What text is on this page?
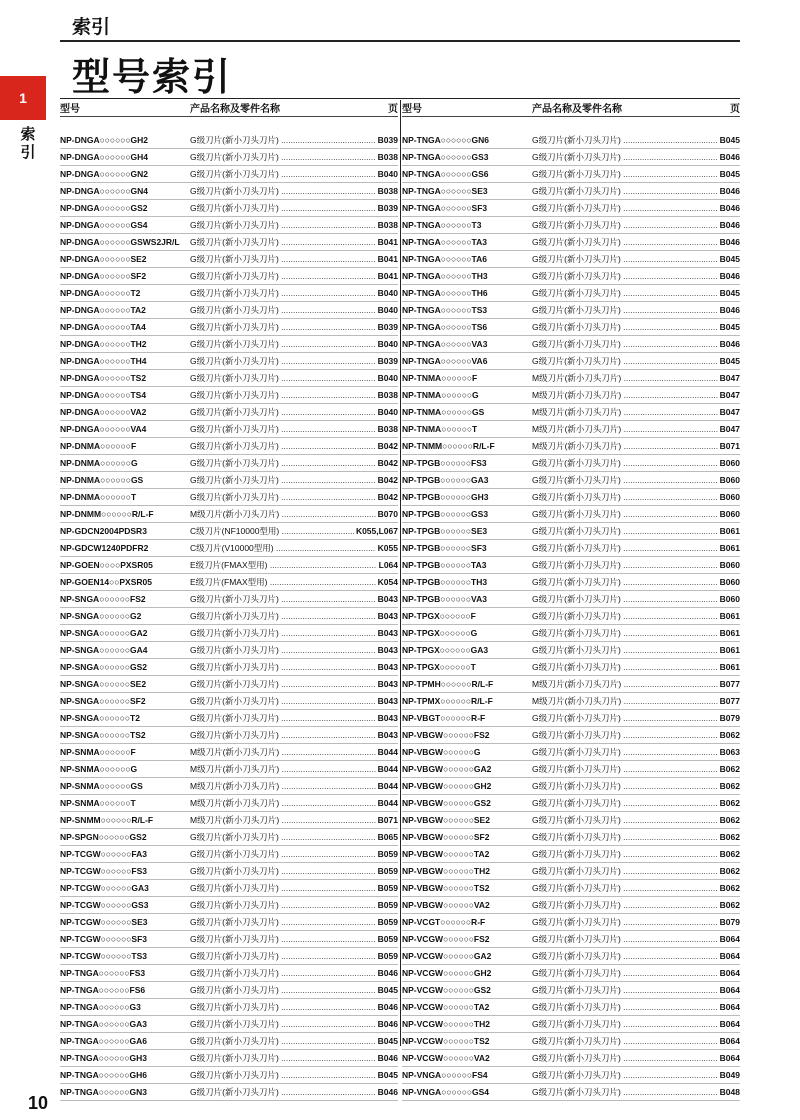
索引
型号索引
1
索引
型号	产品名称及零件名称	页
NP-DNGA○○○○○○GH2	G级刀片(新小刀头刀片) .....	B039
NP-DNGA○○○○○○GH4	G级刀片(新小刀头刀片) .....	B038
NP-DNGA○○○○○○GN2	G级刀片(新小刀头刀片) .....	B040
NP-DNGA○○○○○○GN4	G级刀片(新小刀头刀片) .....	B038
NP-DNGA○○○○○○GS2	G级刀片(新小刀头刀片) .....	B039
NP-DNGA○○○○○○GS4	G级刀片(新小刀头刀片) .....	B038
NP-DNGA○○○○○○GSWS2JR/L	G级刀片(新小刀头刀片) .....	B041
NP-DNGA○○○○○○SE2	G级刀片(新小刀头刀片) .....	B041
NP-DNGA○○○○○○SF2	G级刀片(新小刀头刀片) .....	B041
NP-DNGA○○○○○○T2	G级刀片(新小刀头刀片) .....	B040
NP-DNGA○○○○○○TA2	G级刀片(新小刀头刀片) .....	B040
NP-DNGA○○○○○○TA4	G级刀片(新小刀头刀片) .....	B039
NP-DNGA○○○○○○TH2	G级刀片(新小刀头刀片) .....	B040
NP-DNGA○○○○○○TH4	G级刀片(新小刀头刀片) .....	B039
NP-DNGA○○○○○○TS2	G级刀片(新小刀头刀片) .....	B040
NP-DNGA○○○○○○TS4	G级刀片(新小刀头刀片) .....	B038
NP-DNGA○○○○○○VA2	G级刀片(新小刀头刀片) .....	B040
NP-DNGA○○○○○○VA4	G级刀片(新小刀头刀片) .....	B038
NP-DNMA○○○○○○F	G级刀片(新小刀头刀片) .....	B042
NP-DNMA○○○○○○G	G级刀片(新小刀头刀片) .....	B042
NP-DNMA○○○○○○GS	G级刀片(新小刀头刀片) .....	B042
NP-DNMA○○○○○○T	G级刀片(新小刀头刀片) .....	B042
NP-DNMM○○○○○○R/L-F	M级刀片(新小刀头刀片) .....	B070
NP-GDCN2004PDSR3	C级刀片(NF10000型用) .....	K055,L067
NP-GDCW1240PDFR2	C级刀片(V10000型用) .....	K055
NP-GOEN○○○○PXSR05	E级刀片(FMAX型用) .....	L064
NP-GOEN14○○PXSR05	E级刀片(FMAX型用) .....	K054
NP-SNGA○○○○○○FS2	G级刀片(新小刀头刀片) .....	B043
NP-SNGA○○○○○○G2	G级刀片(新小刀头刀片) .....	B043
NP-SNGA○○○○○○GA2	G级刀片(新小刀头刀片) .....	B043
NP-SNGA○○○○○○GA4	G级刀片(新小刀头刀片) .....	B043
NP-SNGA○○○○○○GS2	G级刀片(新小刀头刀片) .....	B043
NP-SNGA○○○○○○SE2	G级刀片(新小刀头刀片) .....	B043
NP-SNGA○○○○○○SF2	G级刀片(新小刀头刀片) .....	B043
NP-SNGA○○○○○○T2	G级刀片(新小刀头刀片) .....	B043
NP-SNGA○○○○○○TS2	G级刀片(新小刀头刀片) .....	B043
NP-SNMA○○○○○○F	M级刀片(新小刀头刀片) .....	B044
NP-SNMA○○○○○○G	M级刀片(新小刀头刀片) .....	B044
NP-SNMA○○○○○○GS	M级刀片(新小刀头刀片) .....	B044
NP-SNMA○○○○○○T	M级刀片(新小刀头刀片) .....	B044
NP-SNMM○○○○○○R/L-F	M级刀片(新小刀头刀片) .....	B071
NP-SPGN○○○○○○GS2	G级刀片(新小刀头刀片) .....	B065
NP-TCGW○○○○○○FA3	G级刀片(新小刀头刀片) .....	B059
NP-TCGW○○○○○○FS3	G级刀片(新小刀头刀片) .....	B059
NP-TCGW○○○○○○GA3	G级刀片(新小刀头刀片) .....	B059
NP-TCGW○○○○○○GS3	G级刀片(新小刀头刀片) .....	B059
NP-TCGW○○○○○○SE3	G级刀片(新小刀头刀片) .....	B059
NP-TCGW○○○○○○SF3	G级刀片(新小刀头刀片) .....	B059
NP-TCGW○○○○○○TS3	G级刀片(新小刀头刀片) .....	B059
NP-TNGA○○○○○○FS3	G级刀片(新小刀头刀片) .....	B046
NP-TNGA○○○○○○FS6	G级刀片(新小刀头刀片) .....	B045
NP-TNGA○○○○○○G3	G级刀片(新小刀头刀片) .....	B046
NP-TNGA○○○○○○GA3	G级刀片(新小刀头刀片) .....	B046
NP-TNGA○○○○○○GA6	G级刀片(新小刀头刀片) .....	B045
NP-TNGA○○○○○○GH3	G级刀片(新小刀头刀片) .....	B046
NP-TNGA○○○○○○GH6	G级刀片(新小刀头刀片) .....	B045
NP-TNGA○○○○○○GN3	G级刀片(新小刀头刀片) .....	B046
型号	产品名称及零件名称	页
NP-TNGA○○○○○○GN6	G级刀片(新小刀头刀片) .....	B045
NP-TNGA○○○○○○GS3	G级刀片(新小刀头刀片) .....	B046
NP-TNGA○○○○○○GS6	G级刀片(新小刀头刀片) .....	B045
NP-TNGA○○○○○○SE3	G级刀片(新小刀头刀片) .....	B046
NP-TNGA○○○○○○SF3	G级刀片(新小刀头刀片) .....	B046
NP-TNGA○○○○○○T3	G级刀片(新小刀头刀片) .....	B046
NP-TNGA○○○○○○TA3	G级刀片(新小刀头刀片) .....	B046
NP-TNGA○○○○○○TA6	G级刀片(新小刀头刀片) .....	B045
NP-TNGA○○○○○○TH3	G级刀片(新小刀头刀片) .....	B046
NP-TNGA○○○○○○TH6	G级刀片(新小刀头刀片) .....	B045
NP-TNGA○○○○○○TS3	G级刀片(新小刀头刀片) .....	B046
NP-TNGA○○○○○○TS6	G级刀片(新小刀头刀片) .....	B045
NP-TNGA○○○○○○VA3	G级刀片(新小刀头刀片) .....	B046
NP-TNGA○○○○○○VA6	G级刀片(新小刀头刀片) .....	B045
NP-TNMA○○○○○○F	M级刀片(新小刀头刀片) .....	B047
NP-TNMA○○○○○○G	M级刀片(新小刀头刀片) .....	B047
NP-TNMA○○○○○○GS	M级刀片(新小刀头刀片) .....	B047
NP-TNMA○○○○○○T	M级刀片(新小刀头刀片) .....	B047
NP-TNMM○○○○○○R/L-F	M级刀片(新小刀头刀片) .....	B071
NP-TPGB○○○○○○FS3	G级刀片(新小刀头刀片) .....	B060
NP-TPGB○○○○○○GA3	G级刀片(新小刀头刀片) .....	B060
NP-TPGB○○○○○○GH3	G级刀片(新小刀头刀片) .....	B060
NP-TPGB○○○○○○GS3	G级刀片(新小刀头刀片) .....	B060
NP-TPGB○○○○○○SE3	G级刀片(新小刀头刀片) .....	B061
NP-TPGB○○○○○○SF3	G级刀片(新小刀头刀片) .....	B061
NP-TPGB○○○○○○TA3	G级刀片(新小刀头刀片) .....	B060
NP-TPGB○○○○○○TH3	G级刀片(新小刀头刀片) .....	B060
NP-TPGB○○○○○○VA3	G级刀片(新小刀头刀片) .....	B060
NP-TPGX○○○○○○F	G级刀片(新小刀头刀片) .....	B061
NP-TPGX○○○○○○G	G级刀片(新小刀头刀片) .....	B061
NP-TPGX○○○○○○GA3	G级刀片(新小刀头刀片) .....	B061
NP-TPGX○○○○○○T	G级刀片(新小刀头刀片) .....	B061
NP-TPMH○○○○○○R/L-F	M级刀片(新小刀头刀片) .....	B077
NP-TPMX○○○○○○R/L-F	M级刀片(新小刀头刀片) .....	B077
NP-VBGT○○○○○○R-F	G级刀片(新小刀头刀片) .....	B079
NP-VBGW○○○○○○FS2	G级刀片(新小刀头刀片) .....	B062
NP-VBGW○○○○○○G	G级刀片(新小刀头刀片) .....	B063
NP-VBGW○○○○○○GA2	G级刀片(新小刀头刀片) .....	B062
NP-VBGW○○○○○○GH2	G级刀片(新小刀头刀片) .....	B062
NP-VBGW○○○○○○GS2	G级刀片(新小刀头刀片) .....	B062
NP-VBGW○○○○○○SE2	G级刀片(新小刀头刀片) .....	B062
NP-VBGW○○○○○○SF2	G级刀片(新小刀头刀片) .....	B062
NP-VBGW○○○○○○TA2	G级刀片(新小刀头刀片) .....	B062
NP-VBGW○○○○○○TH2	G级刀片(新小刀头刀片) .....	B062
NP-VBGW○○○○○○TS2	G级刀片(新小刀头刀片) .....	B062
NP-VBGW○○○○○○VA2	G级刀片(新小刀头刀片) .....	B062
NP-VCGT○○○○○○R-F	G级刀片(新小刀头刀片) .....	B079
NP-VCGW○○○○○○FS2	G级刀片(新小刀头刀片) .....	B064
NP-VCGW○○○○○○GA2	G级刀片(新小刀头刀片) .....	B064
NP-VCGW○○○○○○GH2	G级刀片(新小刀头刀片) .....	B064
NP-VCGW○○○○○○GS2	G级刀片(新小刀头刀片) .....	B064
NP-VCGW○○○○○○TA2	G级刀片(新小刀头刀片) .....	B064
NP-VCGW○○○○○○TH2	G级刀片(新小刀头刀片) .....	B064
NP-VCGW○○○○○○TS2	G级刀片(新小刀头刀片) .....	B064
NP-VCGW○○○○○○VA2	G级刀片(新小刀头刀片) .....	B064
NP-VNGA○○○○○○FS4	G级刀片(新小刀头刀片) .....	B049
NP-VNGA○○○○○○GS4	G级刀片(新小刀头刀片) .....	B048
10
